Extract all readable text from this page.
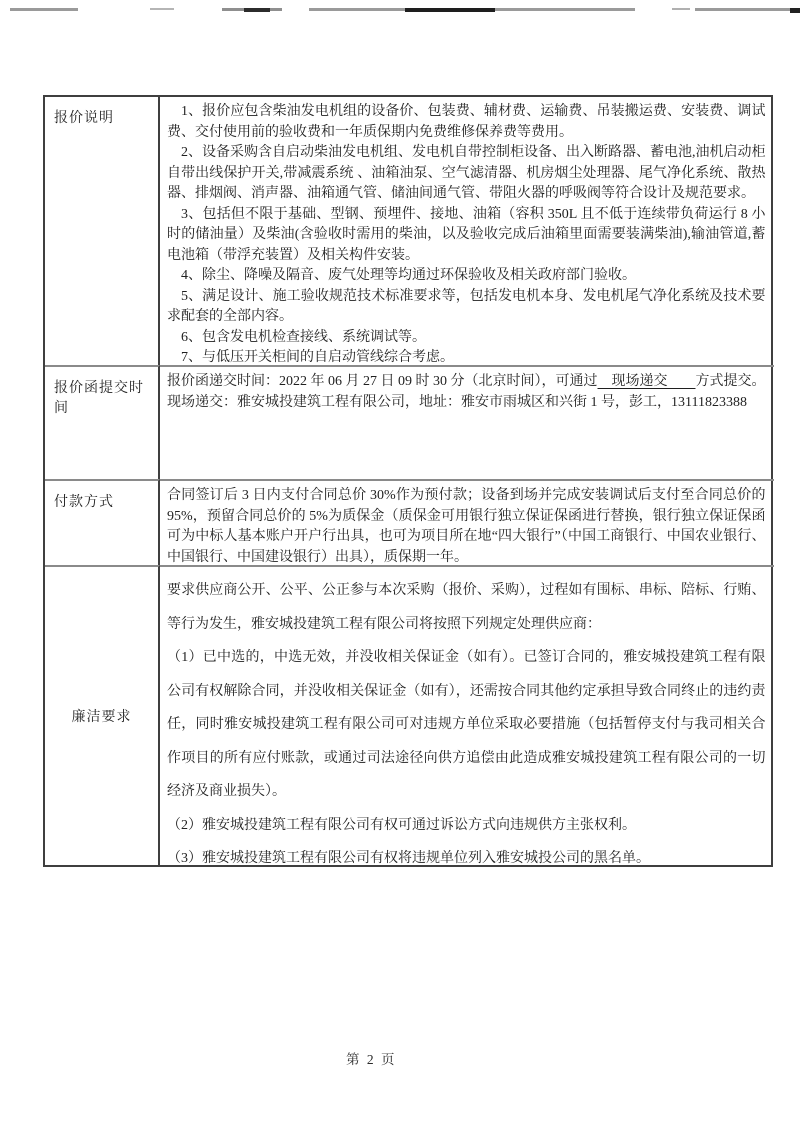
报价说明	1、报价应包含柴油发电机组的设备价、包装费、辅材费、运输费、吊装搬运费、安装费、调试费、交付使用前的验收费和一年质保期内免费维修保养费等费用。

2、设备采购含自启动柴油发电机组、发电机自带控制柜设备、出入断路器、蓄电池,油机启动柜自带出线保护开关,带减震系统 、油箱油泵、空气滤清器、机房烟尘处理器、尾气净化系统、散热器、排烟阀、消声器、油箱通气管、储油间通气管、带阻火器的呼吸阀等符合设计及规范要求。

3、包括但不限于基础、型钢、预埋件、接地、油箱（容积 350L 且不低于连续带负荷运行 8 小时的储油量）及柴油(含验收时需用的柴油，以及验收完成后油箱里面需要装满柴油),输油管道,蓄电池箱（带浮充装置）及相关构件安装。

4、除尘、降噪及隔音、废气处理等均通过环保验收及相关政府部门验收。

5、满足设计、施工验收规范技术标准要求等，包括发电机本身、发电机尾气净化系统及技术要求配套的全部内容。

6、包含发电机检查接线、系统调试等。

7、与低压开关柜间的自启动管线综合考虑。

报价函提交时间

报价函递交时间：2022 年 06 月 27 日 09 时 30 分（北京时间），可通过　现场递交　　方式提交。

现场递交：雅安城投建筑工程有限公司，地址：雅安市雨城区和兴街 1 号，彭工，13111823388

付款方式	合同签订后 3 日内支付合同总价 30%作为预付款；设备到场并完成安装调试后支付至合同总价的 95%，预留合同总价的 5%为质保金（质保金可用银行独立保证保函进行替换，银行独立保证保函可为中标人基本账户开户行出具，也可为项目所在地“四大银行”（中国工商银行、中国农业银行、中国银行、中国建设银行）出具），质保期一年。

廉洁要求

要求供应商公开、公平、公正参与本次采购（报价、采购），过程如有围标、串标、陪标、行贿、等行为发生，雅安城投建筑工程有限公司将按照下列规定处理供应商：

（1）已中选的，中选无效，并没收相关保证金（如有）。已签订合同的，雅安城投建筑工程有限公司有权解除合同，并没收相关保证金（如有），还需按合同其他约定承担导致合同终止的违约责任，同时雅安城投建筑工程有限公司可对违规方单位采取必要措施（包括暂停支付与我司相关合作项目的所有应付账款，或通过司法途径向供方追偿由此造成雅安城投建筑工程有限公司的一切经济及商业损失）。

（2）雅安城投建筑工程有限公司有权可通过诉讼方式向违规供方主张权利。

（3）雅安城投建筑工程有限公司有权将违规单位列入雅安城投公司的黑名单。

第 2 页
